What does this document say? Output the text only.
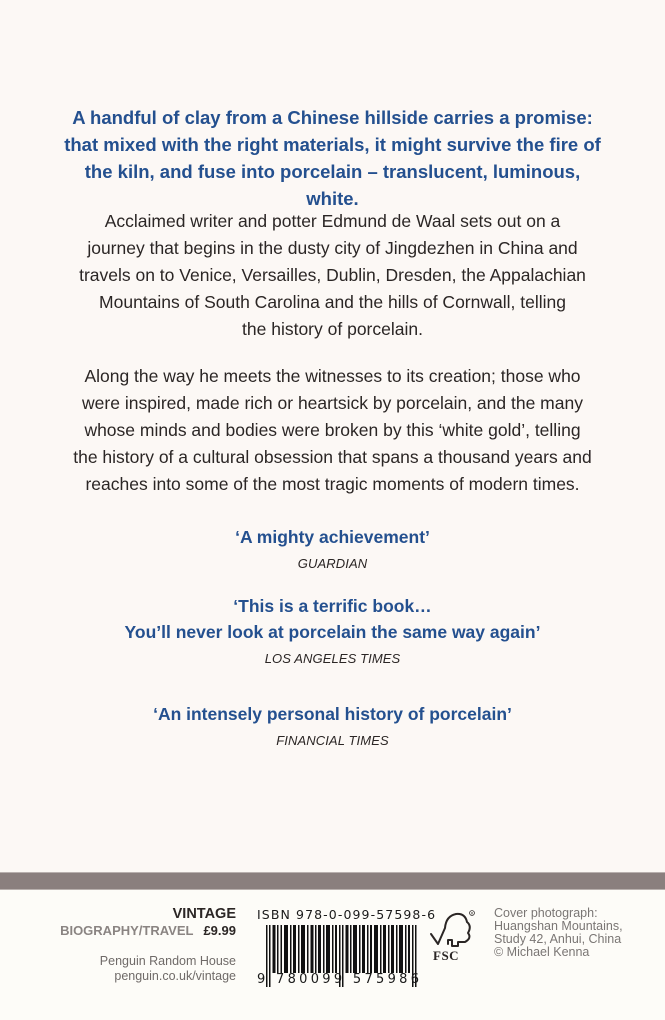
A handful of clay from a Chinese hillside carries a promise:
that mixed with the right materials, it might survive the fire of
the kiln, and fuse into porcelain – translucent, luminous, white.
Acclaimed writer and potter Edmund de Waal sets out on a
journey that begins in the dusty city of Jingdezhen in China and
travels on to Venice, Versailles, Dublin, Dresden, the Appalachian
Mountains of South Carolina and the hills of Cornwall, telling
the history of porcelain.
Along the way he meets the witnesses to its creation; those who
were inspired, made rich or heartsick by porcelain, and the many
whose minds and bodies were broken by this ‘white gold’, telling
the history of a cultural obsession that spans a thousand years and
reaches into some of the most tragic moments of modern times.
‘A mighty achievement’
GUARDIAN
‘This is a terrific book…
You’ll never look at porcelain the same way again’
LOS ANGELES TIMES
‘An intensely personal history of porcelain’
FINANCIAL TIMES
VINTAGE
BIOGRAPHY/TRAVEL £9.99
Penguin Random House
penguin.co.uk/vintage
ISBN 978-0-099-57598-6
9 780099 575986
R
FSC
Cover photograph:
Huangshan Mountains,
Study 42, Anhui, China
© Michael Kenna
